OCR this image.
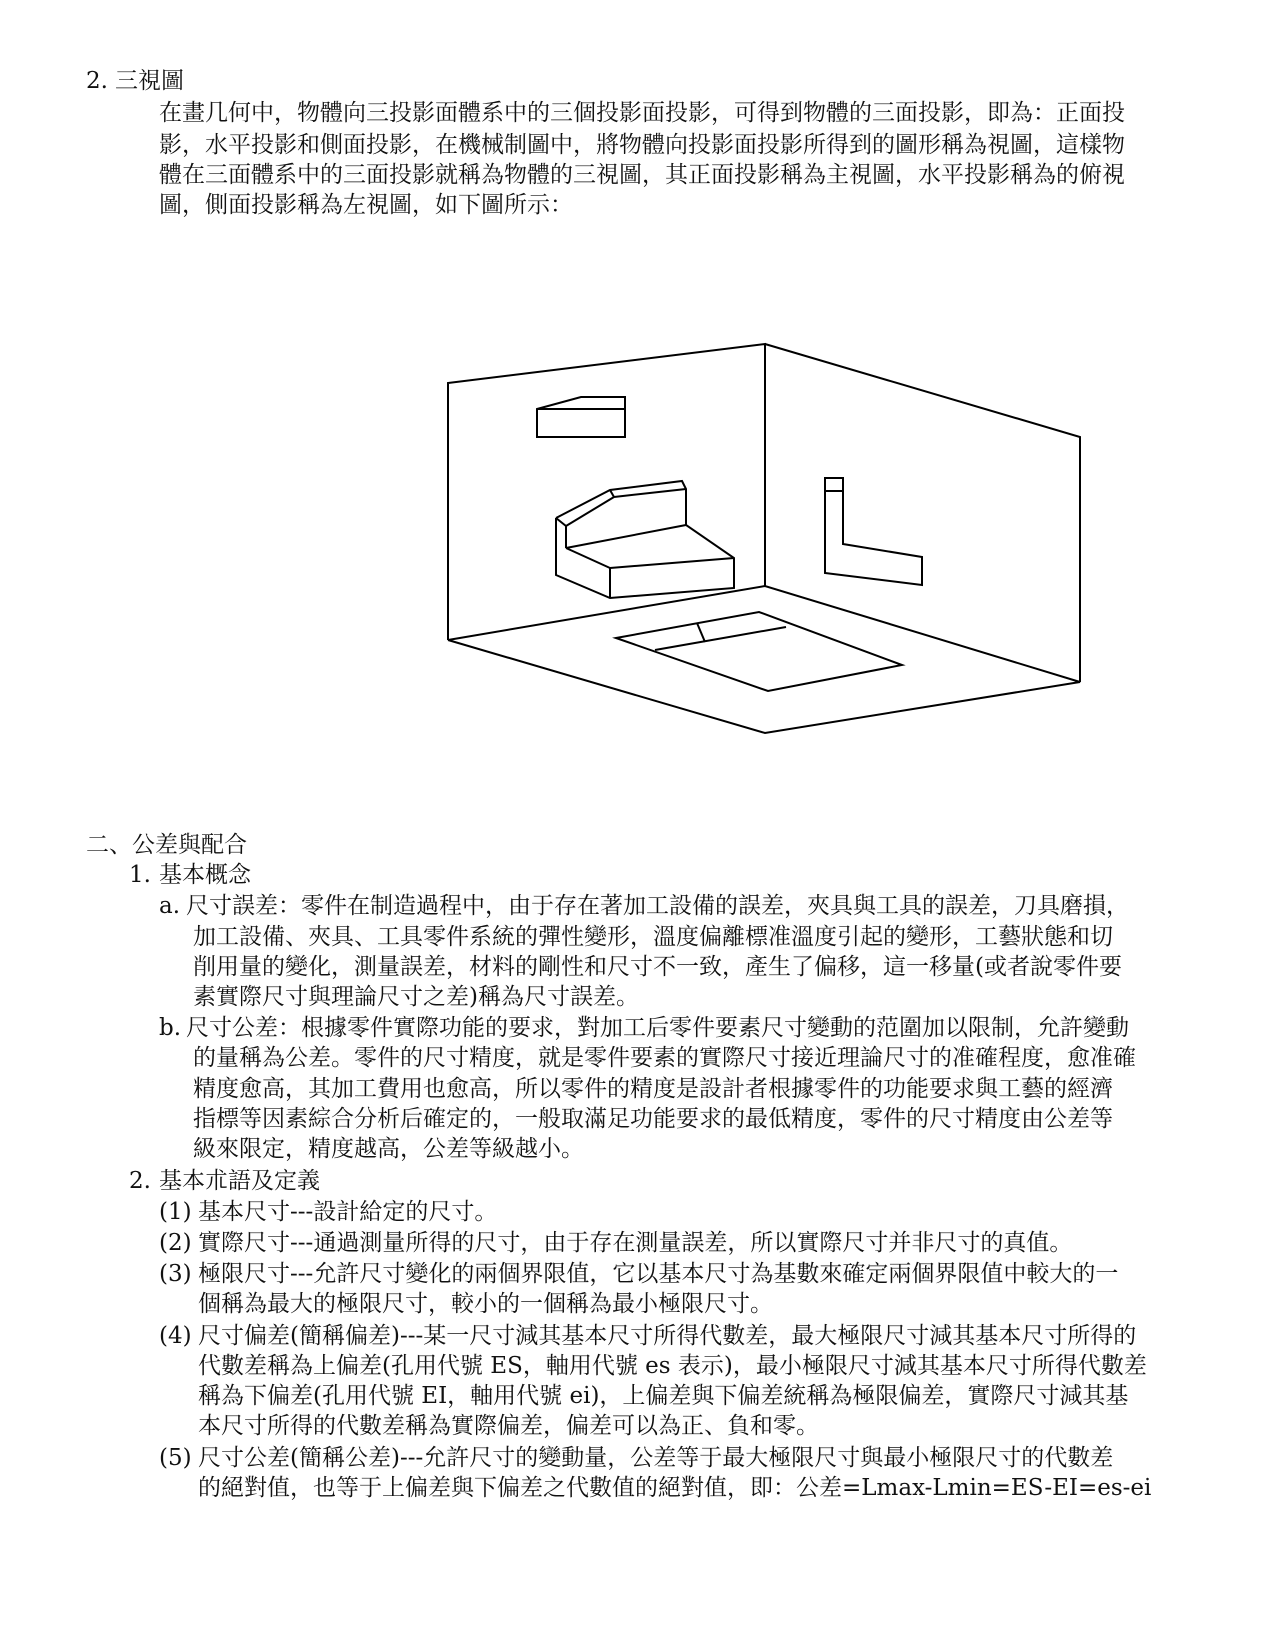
2. 三視圖
在畫几何中，物體向三投影面體系中的三個投影面投影，可得到物體的三面投影，即為：正面投
影，水平投影和側面投影，在機械制圖中，將物體向投影面投影所得到的圖形稱為視圖，這樣物
體在三面體系中的三面投影就稱為物體的三視圖，其正面投影稱為主視圖，水平投影稱為的俯視
圖，側面投影稱為左視圖，如下圖所示：
二、公差與配合
1. 基本概念
a. 尺寸誤差：零件在制造過程中，由于存在著加工設備的誤差，夾具與工具的誤差，刀具磨損，
加工設備、夾具、工具零件系統的彈性變形，溫度偏離標准溫度引起的變形，工藝狀態和切
削用量的變化，測量誤差，材料的剛性和尺寸不一致，產生了偏移，這一移量(或者說零件要
素實際尺寸與理論尺寸之差)稱為尺寸誤差。
b. 尺寸公差：根據零件實際功能的要求，對加工后零件要素尺寸變動的范圍加以限制，允許變動
的量稱為公差。零件的尺寸精度，就是零件要素的實際尺寸接近理論尺寸的准確程度，愈准確
精度愈高，其加工費用也愈高，所以零件的精度是設計者根據零件的功能要求與工藝的經濟
指標等因素綜合分析后確定的，一般取滿足功能要求的最低精度，零件的尺寸精度由公差等
級來限定，精度越高，公差等級越小。
2. 基本朮語及定義
(1) 基本尺寸---設計給定的尺寸。
(2) 實際尺寸---通過測量所得的尺寸，由于存在測量誤差，所以實際尺寸并非尺寸的真值。
(3) 極限尺寸---允許尺寸變化的兩個界限值，它以基本尺寸為基數來確定兩個界限值中較大的一
個稱為最大的極限尺寸，較小的一個稱為最小極限尺寸。
(4) 尺寸偏差(簡稱偏差)---某一尺寸減其基本尺寸所得代數差，最大極限尺寸減其基本尺寸所得的
代數差稱為上偏差(孔用代號 ES，軸用代號 es 表示)，最小極限尺寸減其基本尺寸所得代數差
稱為下偏差(孔用代號 EI，軸用代號 ei)，上偏差與下偏差統稱為極限偏差，實際尺寸減其基
本尺寸所得的代數差稱為實際偏差，偏差可以為正、負和零。
(5) 尺寸公差(簡稱公差)---允許尺寸的變動量，公差等于最大極限尺寸與最小極限尺寸的代數差
的絕對值，也等于上偏差與下偏差之代數值的絕對值，即：公差=Lmax-Lmin=ES-EI=es-ei
